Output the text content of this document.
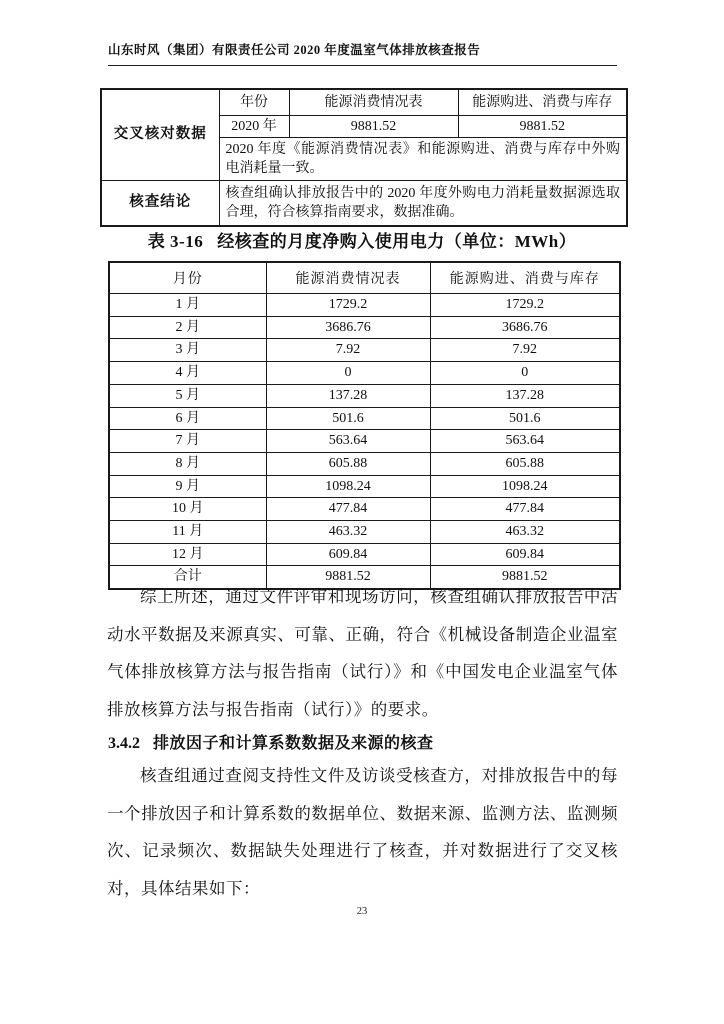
山东时风（集团）有限责任公司 2020 年度温室气体排放核查报告
交叉核对数据	年份	能源消费情况表	能源购进、消费与库存
	2020 年	9881.52	9881.52
	2020 年度《能源消费情况表》和能源购进、消费与库存中外购电消耗量一致。		
核查结论	核查组确认排放报告中的 2020 年度外购电力消耗量数据源选取合理，符合核算指南要求，数据准确。		
表 3-16 经核查的月度净购入使用电力（单位：MWh）
月份	能源消费情况表	能源购进、消费与库存
1 月	1729.2	1729.2
2 月	3686.76	3686.76
3 月	7.92	7.92
4 月	0	0
5 月	137.28	137.28
6 月	501.6	501.6
7 月	563.64	563.64
8 月	605.88	605.88
9 月	1098.24	1098.24
10 月	477.84	477.84
11 月	463.32	463.32
12 月	609.84	609.84
合计	9881.52	9881.52
综上所述，通过文件评审和现场访问，核查组确认排放报告中活动水平数据及来源真实、可靠、正确，符合《机械设备制造企业温室气体排放核算方法与报告指南（试行）》和《中国发电企业温室气体排放核算方法与报告指南（试行）》的要求。
3.4.2 排放因子和计算系数数据及来源的核查
核查组通过查阅支持性文件及访谈受核查方，对排放报告中的每一个排放因子和计算系数的数据单位、数据来源、监测方法、监测频次、记录频次、数据缺失处理进行了核查，并对数据进行了交叉核对，具体结果如下：
23
